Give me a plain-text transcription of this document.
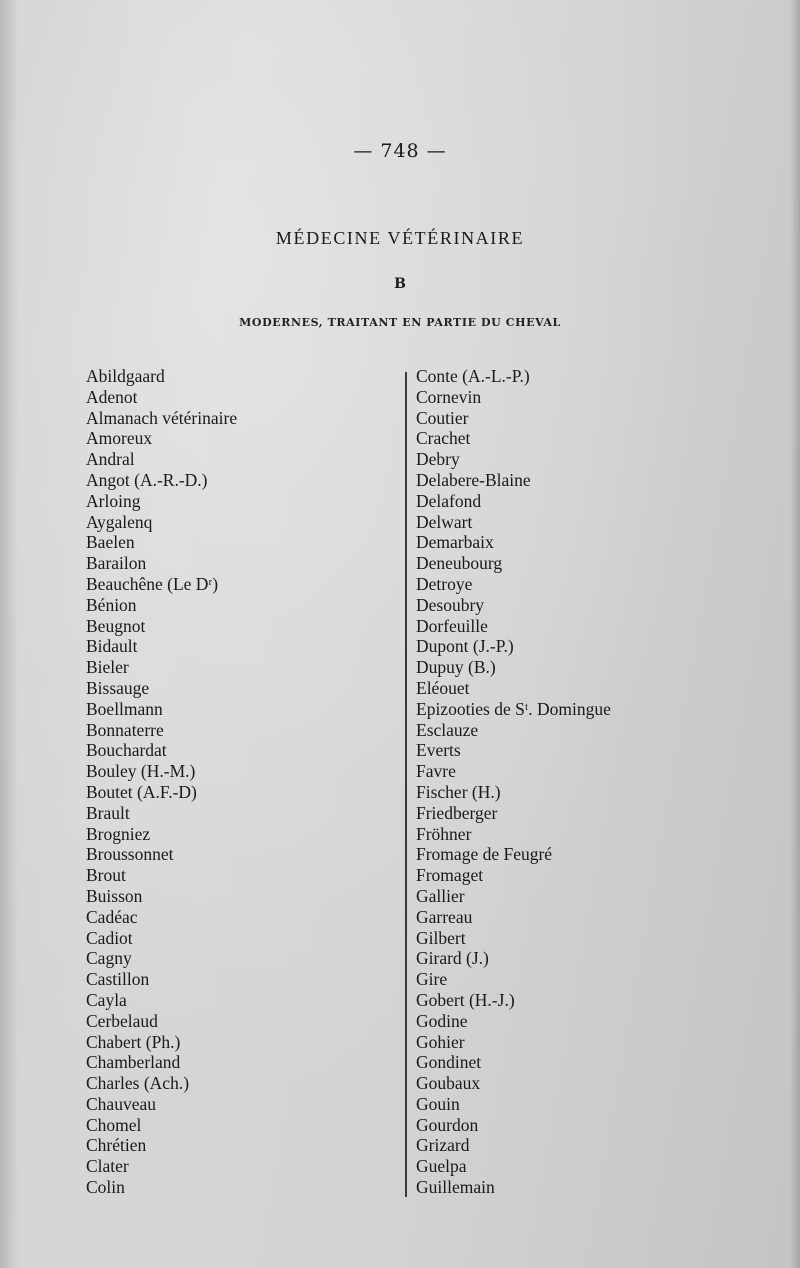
— 748 —
MÉDECINE VÉTÉRINAIRE
B
MODERNES, TRAITANT EN PARTIE DU CHEVAL
Abildgaard
Adenot
Almanach vétérinaire
Amoreux
Andral
Angot (A.-R.-D.)
Arloing
Aygalenq
Baelen
Barailon
Beauchêne (Le Dʳ)
Bénion
Beugnot
Bidault
Bieler
Bissauge
Boellmann
Bonnaterre
Bouchardat
Bouley (H.-M.)
Boutet (A.F.-D)
Brault
Brogniez
Broussonnet
Brout
Buisson
Cadéac
Cadiot
Cagny
Castillon
Cayla
Cerbelaud
Chabert (Ph.)
Chamberland
Charles (Ach.)
Chauveau
Chomel
Chrétien
Clater
Colin
Conte (A.-L.-P.)
Cornevin
Coutier
Crachet
Debry
Delabere-Blaine
Delafond
Delwart
Demarbaix
Deneubourg
Detroye
Desoubry
Dorfeuille
Dupont (J.-P.)
Dupuy (B.)
Eléouet
Epizooties de Sᵗ. Domingue
Esclauze
Everts
Favre
Fischer (H.)
Friedberger
Fröhner
Fromage de Feugré
Fromaget
Gallier
Garreau
Gilbert
Girard (J.)
Gire
Gobert (H.-J.)
Godine
Gohier
Gondinet
Goubaux
Gouin
Gourdon
Grizard
Guelpa
Guillemain
